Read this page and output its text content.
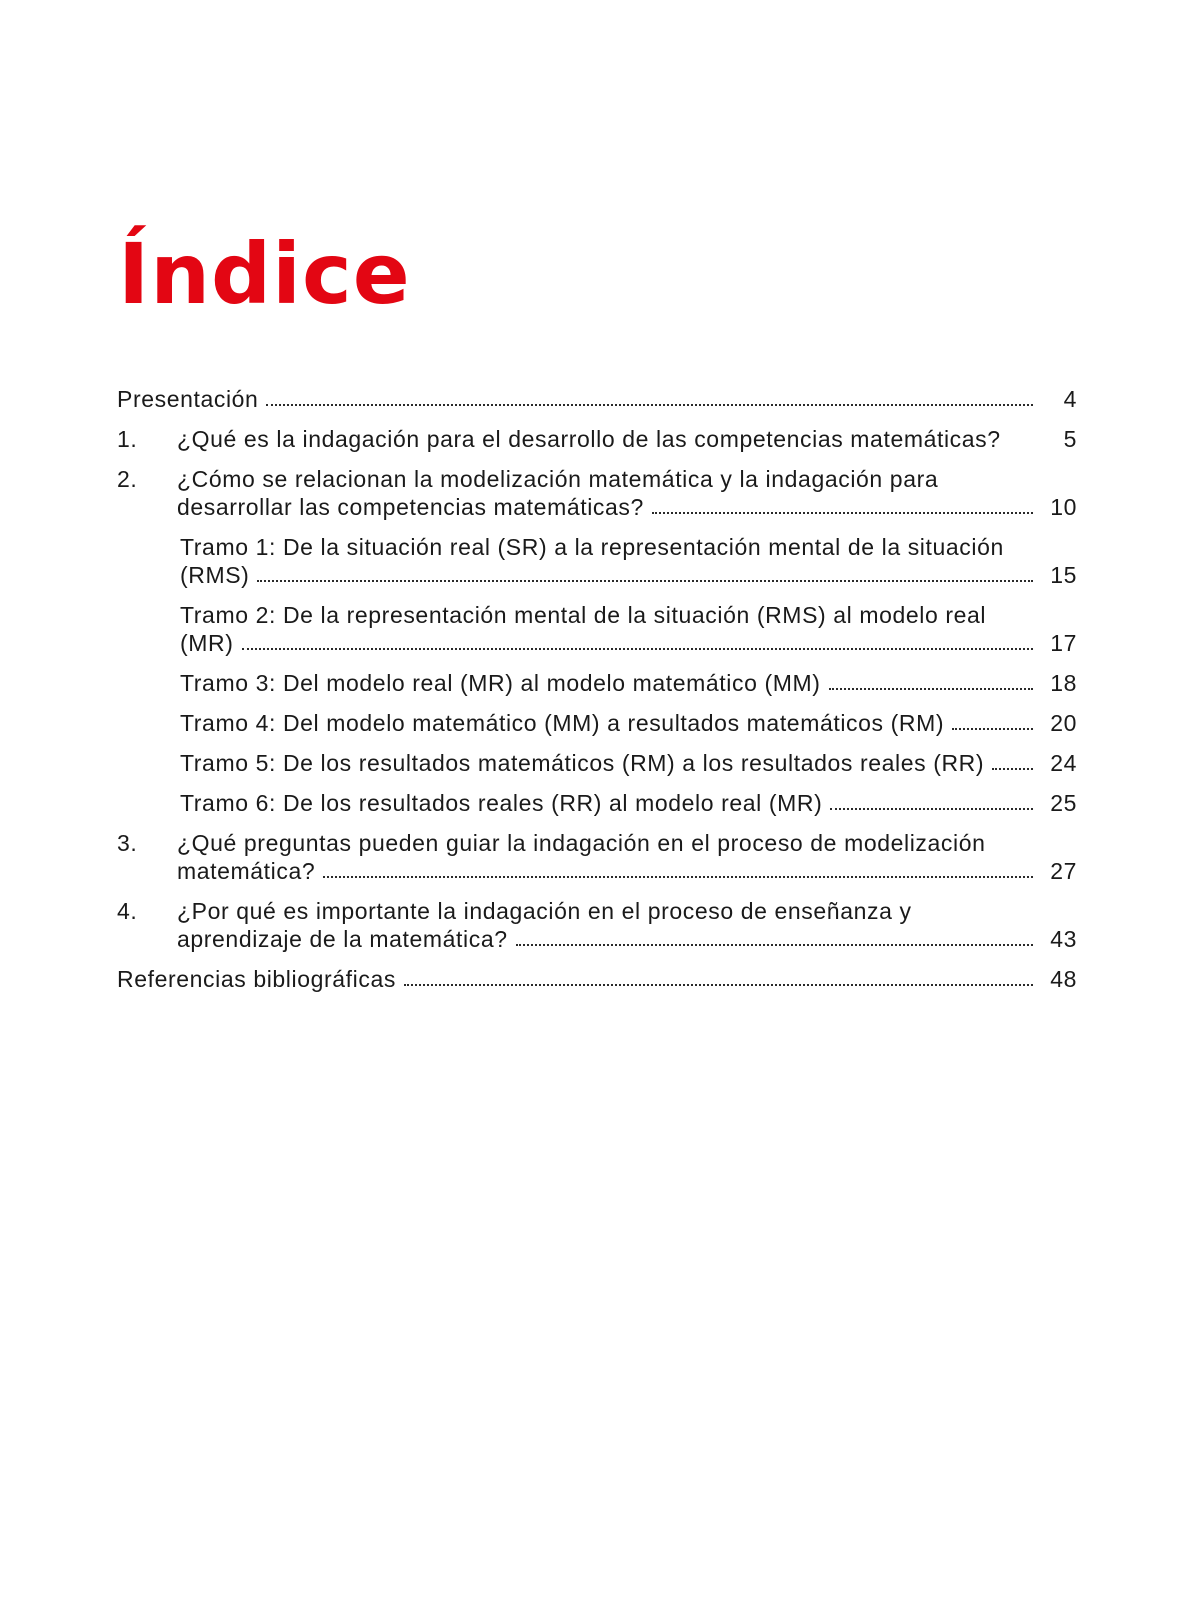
Índice
Presentación	4
1.	¿Qué es la indagación para el desarrollo de las competencias matemáticas?	5
2.	¿Cómo se relacionan la modelización matemática y la indagación para
desarrollar las competencias matemáticas?	10
Tramo 1: De la situación real (SR) a la representación mental de la situación
(RMS)	15
Tramo 2: De la representación mental de la situación (RMS) al modelo real
(MR)	17
Tramo 3: Del modelo real (MR) al modelo matemático (MM)	18
Tramo 4: Del modelo matemático (MM) a resultados matemáticos (RM)	20
Tramo 5: De los resultados matemáticos (RM) a los resultados reales (RR)	24
Tramo 6: De los resultados reales (RR) al modelo real (MR)	25
3.	¿Qué preguntas pueden guiar la indagación en el proceso de modelización
matemática?	27
4.	¿Por qué es importante la indagación en el proceso de enseñanza y
aprendizaje de la matemática?	43
Referencias bibliográficas	48
